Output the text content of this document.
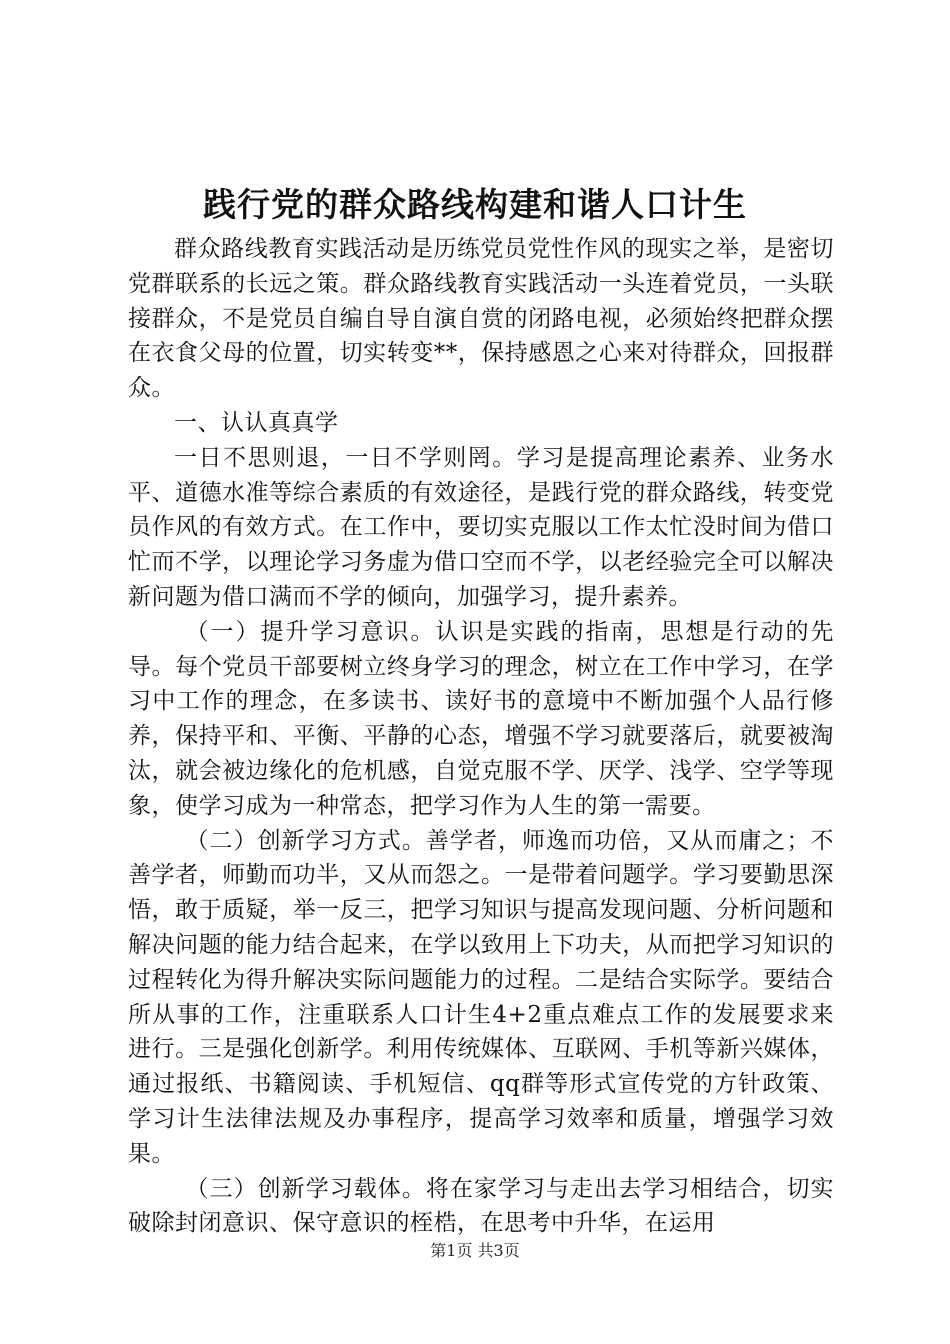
践行党的群众路线构建和谐人口计生

群众路线教育实践活动是历练党员党性作风的现实之举，是密切党群联系的长远之策。群众路线教育实践活动一头连着党员，一头联接群众，不是党员自编自导自演自赏的闭路电视，必须始终把群众摆在衣食父母的位置，切实转变**，保持感恩之心来对待群众，回报群众。

一、认认真真学

一日不思则退，一日不学则罔。学习是提高理论素养、业务水平、道德水准等综合素质的有效途径，是践行党的群众路线，转变党员作风的有效方式。在工作中，要切实克服以工作太忙没时间为借口忙而不学，以理论学习务虚为借口空而不学，以老经验完全可以解决新问题为借口满而不学的倾向，加强学习，提升素养。

（一）提升学习意识。认识是实践的指南，思想是行动的先导。每个党员干部要树立终身学习的理念，树立在工作中学习，在学习中工作的理念，在多读书、读好书的意境中不断加强个人品行修养，保持平和、平衡、平静的心态，增强不学习就要落后，就要被淘汰，就会被边缘化的危机感，自觉克服不学、厌学、浅学、空学等现象，使学习成为一种常态，把学习作为人生的第一需要。

（二）创新学习方式。善学者，师逸而功倍，又从而庸之；不善学者，师勤而功半，又从而怨之。一是带着问题学。学习要勤思深悟，敢于质疑，举一反三，把学习知识与提高发现问题、分析问题和解决问题的能力结合起来，在学以致用上下功夫，从而把学习知识的过程转化为得升解决实际问题能力的过程。二是结合实际学。要结合所从事的工作，注重联系人口计生4+2重点难点工作的发展要求来进行。三是强化创新学。利用传统媒体、互联网、手机等新兴媒体，通过报纸、书籍阅读、手机短信、qq群等形式宣传党的方针政策、学习计生法律法规及办事程序，提高学习效率和质量，增强学习效果。

（三）创新学习载体。将在家学习与走出去学习相结合，切实破除封闭意识、保守意识的桎梏，在思考中升华，在运用

第1页 共3页
